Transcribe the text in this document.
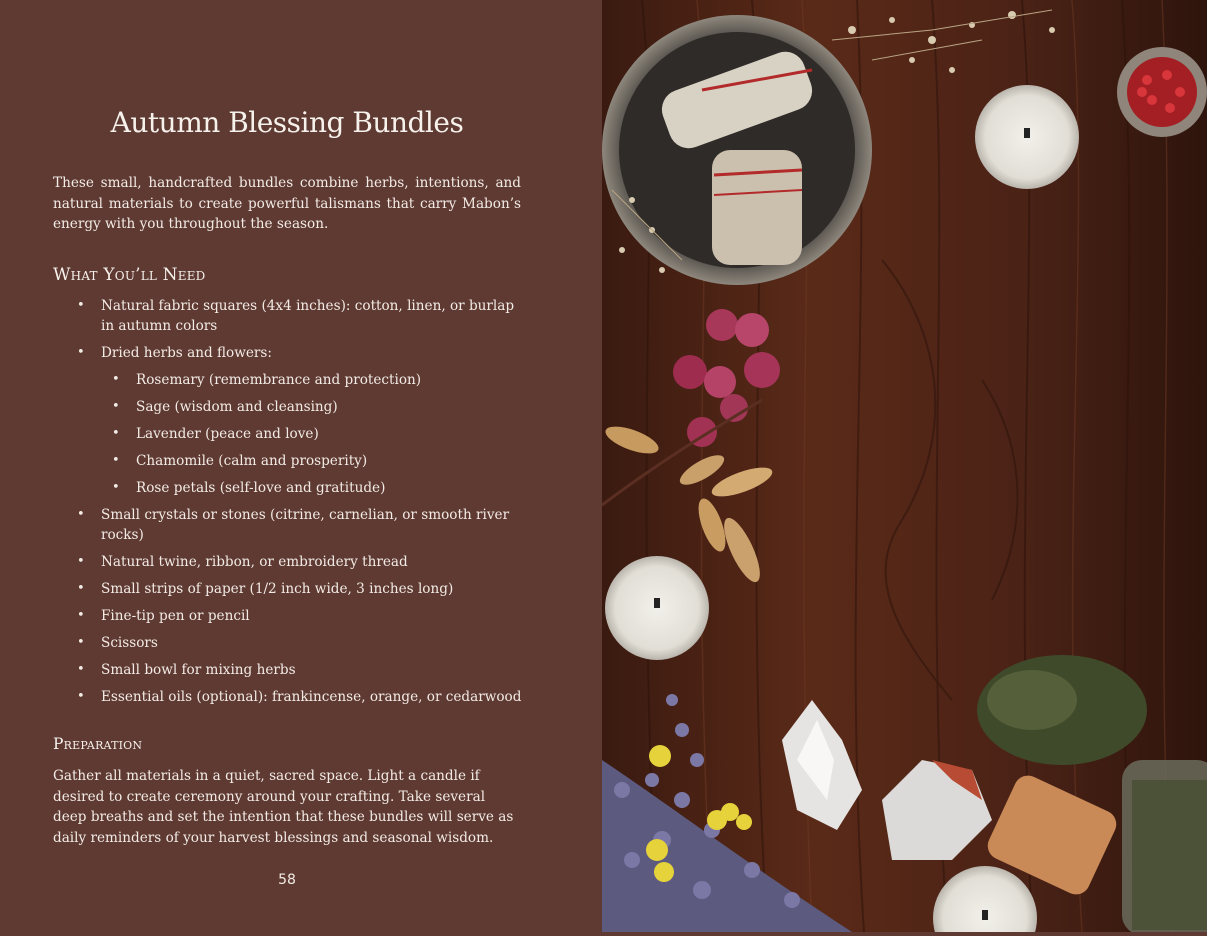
Autumn Blessing Bundles

These small, handcrafted bundles combine herbs, intentions, and natural materials to create powerful talismans that carry Mabon’s energy with you throughout the season.

What You’ll Need
• Natural fabric squares (4x4 inches): cotton, linen, or burlap in autumn colors
• Dried herbs and flowers:
• Rosemary (remembrance and protection)
• Sage (wisdom and cleansing)
• Lavender (peace and love)
• Chamomile (calm and prosperity)
• Rose petals (self-love and gratitude)
• Small crystals or stones (citrine, carnelian, or smooth river rocks)
• Natural twine, ribbon, or embroidery thread
• Small strips of paper (1/2 inch wide, 3 inches long)
• Fine-tip pen or pencil
• Scissors
• Small bowl for mixing herbs
• Essential oils (optional): frankincense, orange, or cedarwood
Preparation

Gather all materials in a quiet, sacred space. Light a candle if desired to create ceremony around your crafting. Take several deep breaths and set the intention that these bundles will serve as daily reminders of your harvest blessings and seasonal wisdom.

58
